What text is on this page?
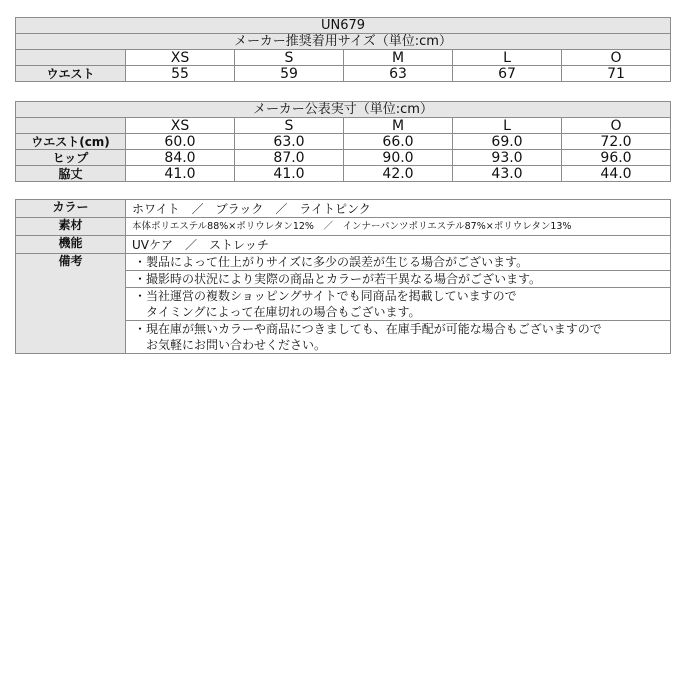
UN679					
メーカー推奨着用サイズ（単位:cm）					
	XS	S	M	L	O
ウエスト	55	59	63	67	71
メーカー公表実寸（単位:cm）					
	XS	S	M	L	O
ウエスト(cm)	60.0	63.0	66.0	69.0	72.0
ヒップ	84.0	87.0	90.0	93.0	96.0
脇丈	41.0	41.0	42.0	43.0	44.0
カラー	ホワイト　／　ブラック　／　ライトピンク
素材	本体ポリエステル88%×ポリウレタン12%　／　インナーパンツポリエステル87%×ポリウレタン13%
機能	UVケア　／　ストレッチ
備考	・製品によって仕上がりサイズに多少の誤差が生じる場合がございます。

	・撮影時の状況により実際の商品とカラーが若干異なる場合がございます。

	・当社運営の複数ショッピングサイトでも同商品を掲載していますので
　タイミングによって在庫切れの場合もございます。

	・現在庫が無いカラーや商品につきましても、在庫手配が可能な場合もございますので
　お気軽にお問い合わせください。
